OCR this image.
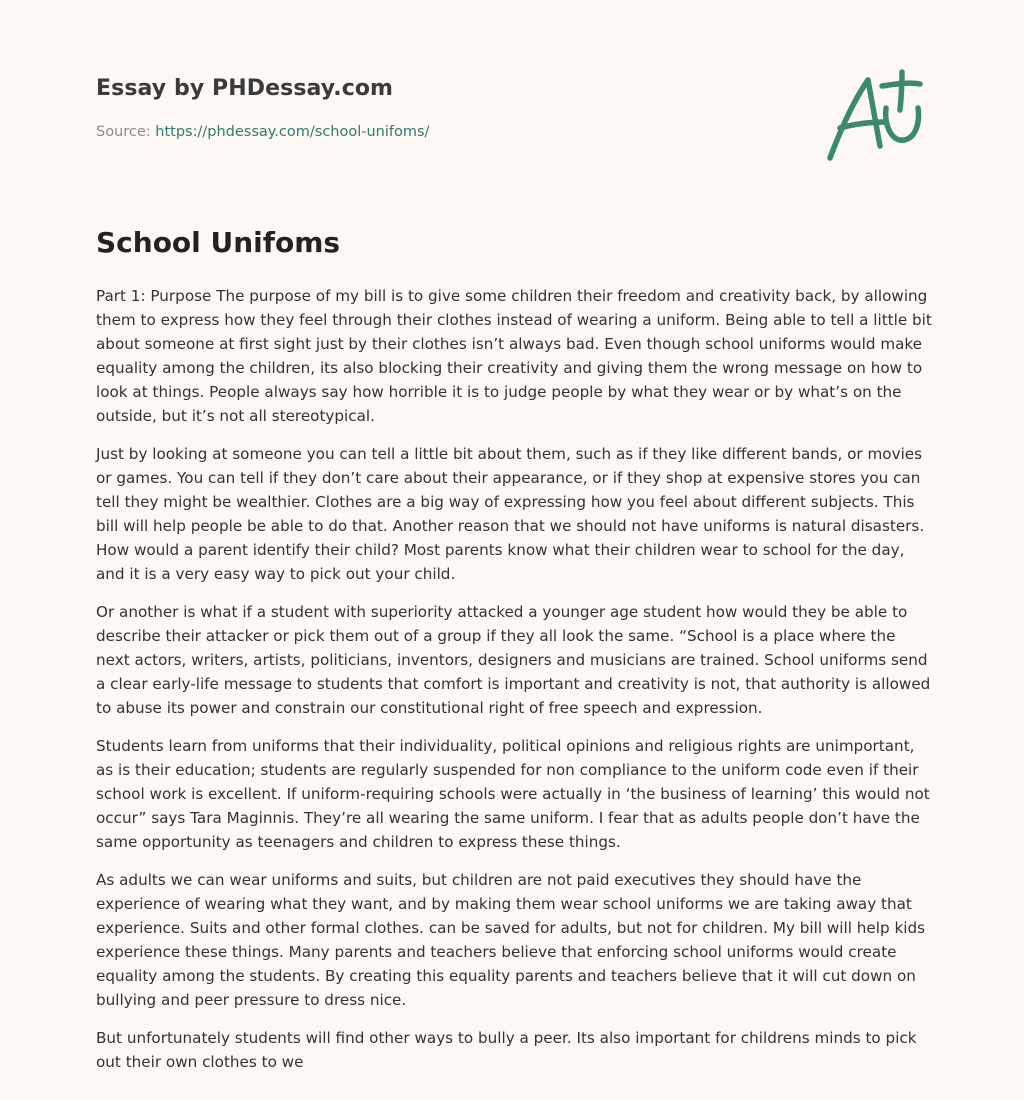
Essay by PHDessay.com
Source: https://phdessay.com/school-unifoms/
School Unifoms

Part 1: Purpose The purpose of my bill is to give some children their freedom and creativity back, by allowing them to express how they feel through their clothes instead of wearing a uniform. Being able to tell a little bit about someone at first sight just by their clothes isn’t always bad. Even though school uniforms would make equality among the children, its also blocking their creativity and giving them the wrong message on how to look at things. People always say how horrible it is to judge people by what they wear or by what’s on the outside, but it’s not all stereotypical.

Just by looking at someone you can tell a little bit about them, such as if they like different bands, or movies or games. You can tell if they don’t care about their appearance, or if they shop at expensive stores you can tell they might be wealthier. Clothes are a big way of expressing how you feel about different subjects. This bill will help people be able to do that. Another reason that we should not have uniforms is natural disasters. How would a parent identify their child? Most parents know what their children wear to school for the day, and it is a very easy way to pick out your child.

Or another is what if a student with superiority attacked a younger age student how would they be able to describe their attacker or pick them out of a group if they all look the same. “School is a place where the next actors, writers, artists, politicians, inventors, designers and musicians are trained. School uniforms send a clear early-life message to students that comfort is important and creativity is not, that authority is allowed to abuse its power and constrain our constitutional right of free speech and expression.

Students learn from uniforms that their individuality, political opinions and religious rights are unimportant, as is their education; students are regularly suspended for non compliance to the uniform code even if their school work is excellent. If uniform-requiring schools were actually in ‘the business of learning’ this would not occur” says Tara Maginnis. They’re all wearing the same uniform. I fear that as adults people don’t have the same opportunity as teenagers and children to express these things.

As adults we can wear uniforms and suits, but children are not paid executives they should have the experience of wearing what they want, and by making them wear school uniforms we are taking away that experience. Suits and other formal clothes. can be saved for adults, but not for children. My bill will help kids experience these things. Many parents and teachers believe that enforcing school uniforms would create equality among the students. By creating this equality parents and teachers believe that it will cut down on bullying and peer pressure to dress nice.

But unfortunately students will find other ways to bully a peer. Its also important for childrens minds to pick out their own clothes to we
